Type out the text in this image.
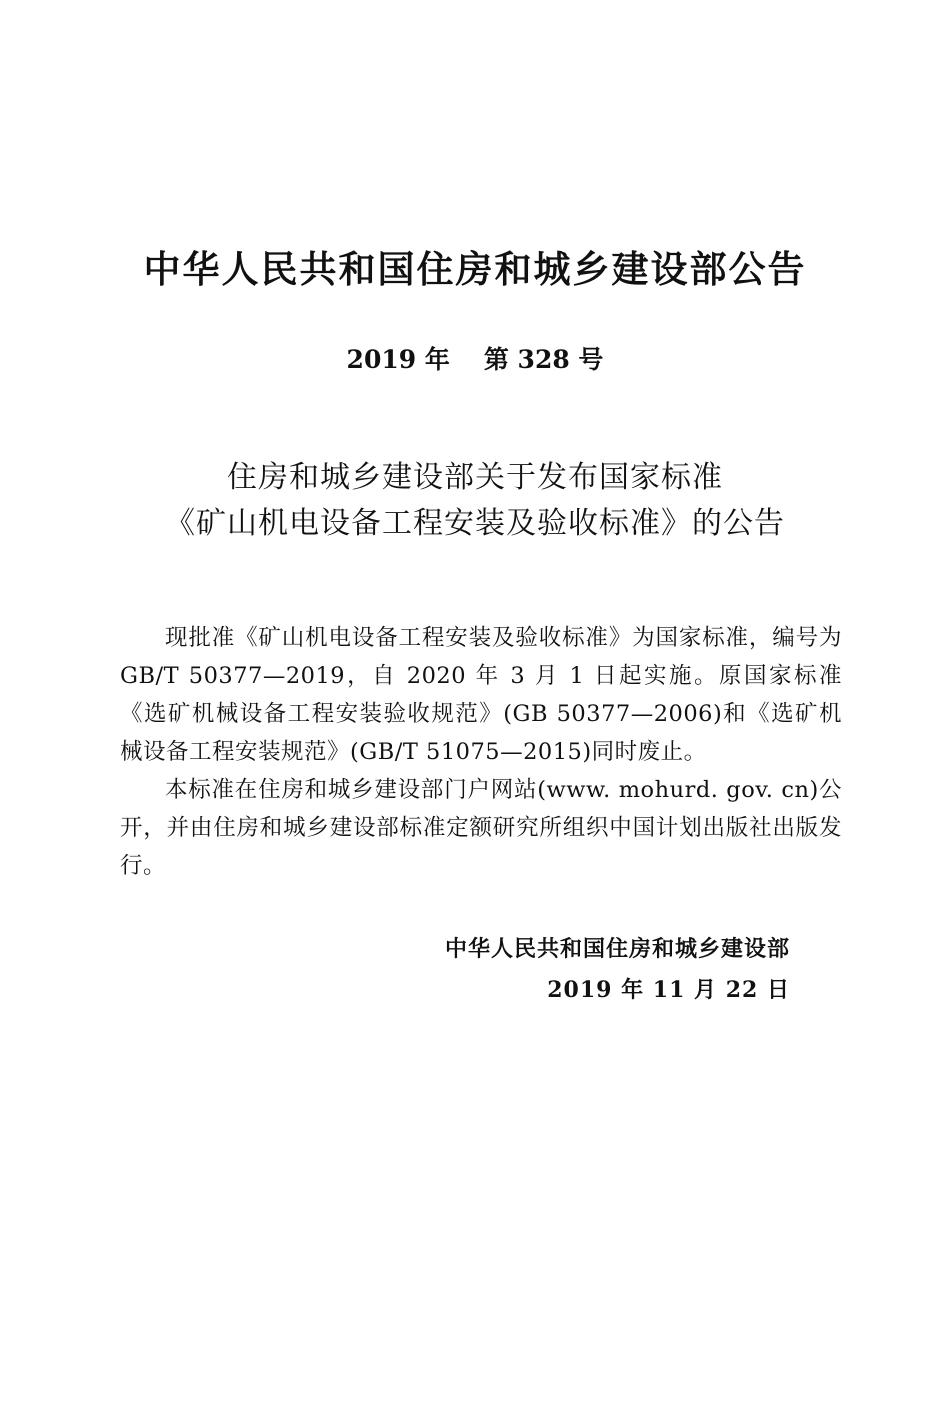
中华人民共和国住房和城乡建设部公告
2019 年 第 328 号
住房和城乡建设部关于发布国家标准
《矿山机电设备工程安装及验收标准》的公告

现批准《矿山机电设备工程安装及验收标准》为国家标准，编号为 GB/T 50377—2019，自 2020 年 3 月 1 日起实施。原国家标准《选矿机械设备工程安装验收规范》(GB 50377—2006)和《选矿机械设备工程安装规范》(GB/T 51075—2015)同时废止。

本标准在住房和城乡建设部门户网站(www. mohurd. gov. cn)公开，并由住房和城乡建设部标准定额研究所组织中国计划出版社出版发行。

中华人民共和国住房和城乡建设部
2019 年 11 月 22 日
